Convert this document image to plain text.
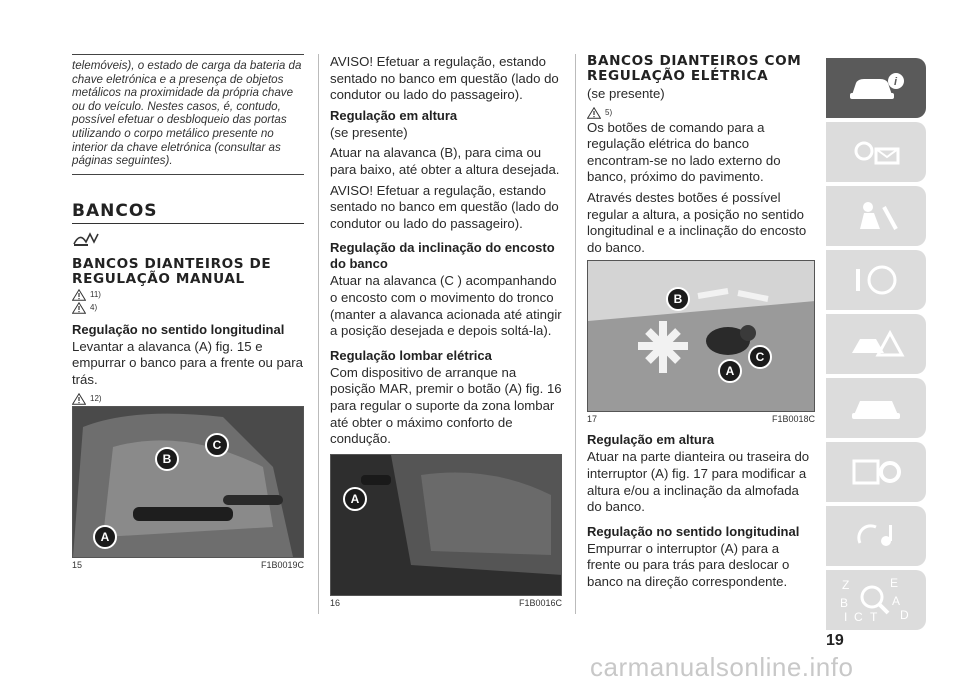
telemóveis), o estado de carga da bateria da chave eletrónica e a presença de objetos metálicos na proximidade da própria chave ou do veículo. Nestes casos, é, contudo, possível efetuar o desbloqueio das portas utilizando o corpo metálico presente no interior da chave eletrónica (consultar as páginas seguintes).
BANCOS
BANCOS DIANTEIROS DE REGULAÇÃO MANUAL
11)
4)
Regulação no sentido longitudinal

Levantar a alavanca (A) fig. 15 e empurrar o banco para a frente ou para trás.

12)
B
C
A
15	F1B0019C

AVISO! Efetuar a regulação, estando sentado no banco em questão (lado do condutor ou lado do passageiro).

Regulação em altura

(se presente)

Atuar na alavanca (B), para cima ou para baixo, até obter a altura desejada.

AVISO! Efetuar a regulação, estando sentado no banco em questão (lado do condutor ou lado do passageiro).

Regulação da inclinação do encosto do banco

Atuar na alavanca (C ) acompanhando o encosto com o movimento do tronco (manter a alavanca acionada até atingir a posição desejada e depois soltá-la).

Regulação lombar elétrica

Com dispositivo de arranque na posição MAR, premir o botão (A) fig. 16 para regular o suporte da zona lombar até obter o máximo conforto de condução.

A
16	F1B0016C
BANCOS DIANTEIROS COM REGULAÇÃO ELÉTRICA

(se presente)

5)

Os botões de comando para a regulação elétrica do banco encontram-se no lado externo do banco, próximo do pavimento.

Através destes botões é possível regular a altura, a posição no sentido longitudinal e a inclinação do encosto do banco.

B
A
C
17	F1B0018C
Regulação em altura

Atuar na parte dianteira ou traseira do interruptor (A) fig. 17 para modificar a altura e/ou a inclinação da almofada do banco.

Regulação no sentido longitudinal

Empurrar o interruptor (A) para a frente ou para trás para deslocar o banco na direção correspondente.

i
Z	E
B	A
C	D
I T
19
carmanualsonline.info
